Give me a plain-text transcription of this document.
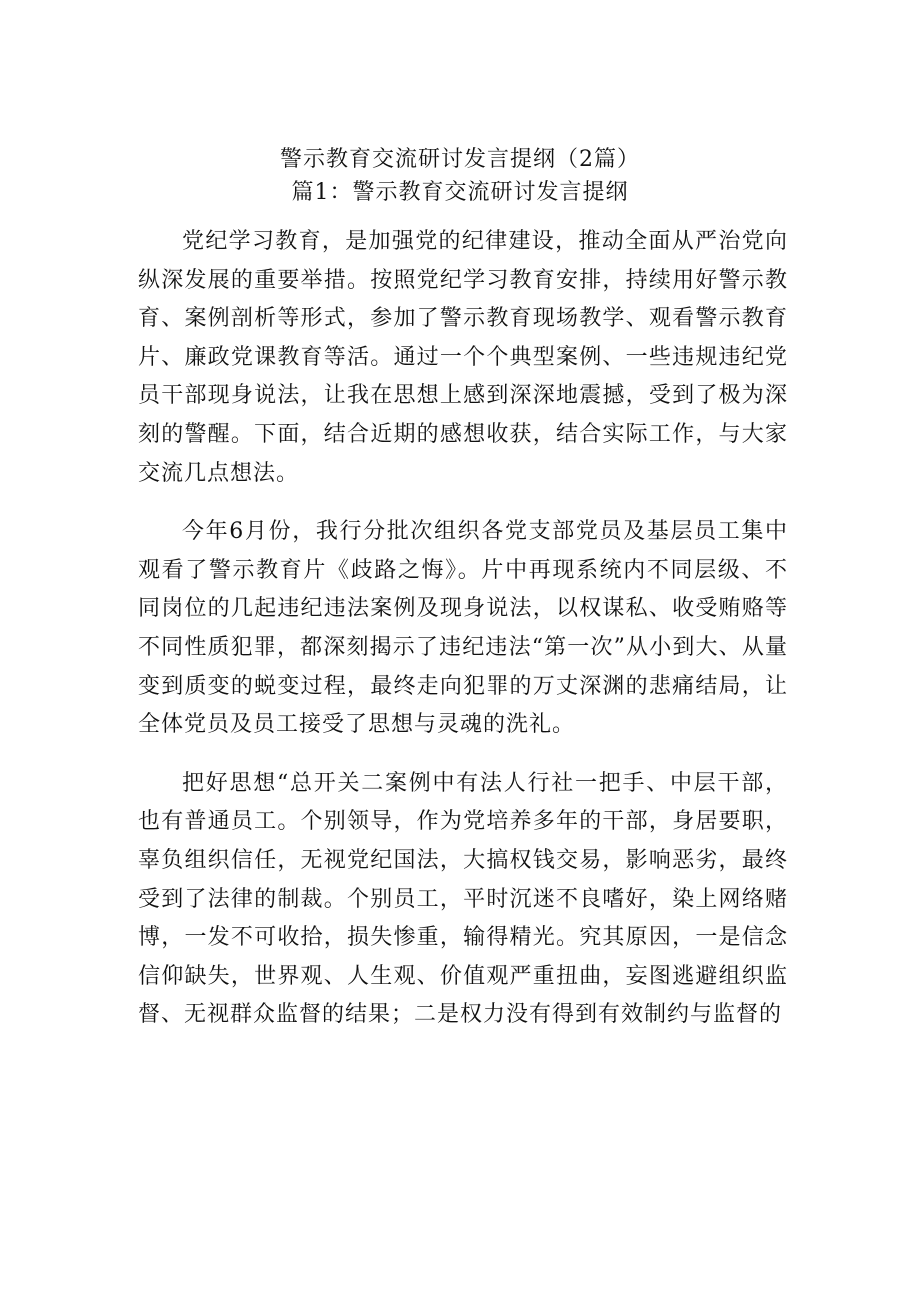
警示教育交流研讨发言提纲（2篇）
篇1：警示教育交流研讨发言提纲

党纪学习教育，是加强党的纪律建设，推动全面从严治党向纵深发展的重要举措。按照党纪学习教育安排，持续用好警示教育、案例剖析等形式，参加了警示教育现场教学、观看警示教育片、廉政党课教育等活。通过一个个典型案例、一些违规违纪党员干部现身说法，让我在思想上感到深深地震撼，受到了极为深刻的警醒。下面，结合近期的感想收获，结合实际工作，与大家交流几点想法。

今年6月份，我行分批次组织各党支部党员及基层员工集中观看了警示教育片《歧路之悔》。片中再现系统内不同层级、不同岗位的几起违纪违法案例及现身说法，以权谋私、收受贿赂等不同性质犯罪，都深刻揭示了违纪违法“第一次”从小到大、从量变到质变的蜕变过程，最终走向犯罪的万丈深渊的悲痛结局，让全体党员及员工接受了思想与灵魂的洗礼。

把好思想“总开关二案例中有法人行社一把手、中层干部，也有普通员工。个别领导，作为党培养多年的干部，身居要职，辜负组织信任，无视党纪国法，大搞权钱交易，影响恶劣，最终受到了法律的制裁。个别员工，平时沉迷不良嗜好，染上网络赌博，一发不可收拾，损失惨重，输得精光。究其原因，一是信念信仰缺失，世界观、人生观、价值观严重扭曲，妄图逃避组织监督、无视群众监督的结果；二是权力没有得到有效制约与监督的
